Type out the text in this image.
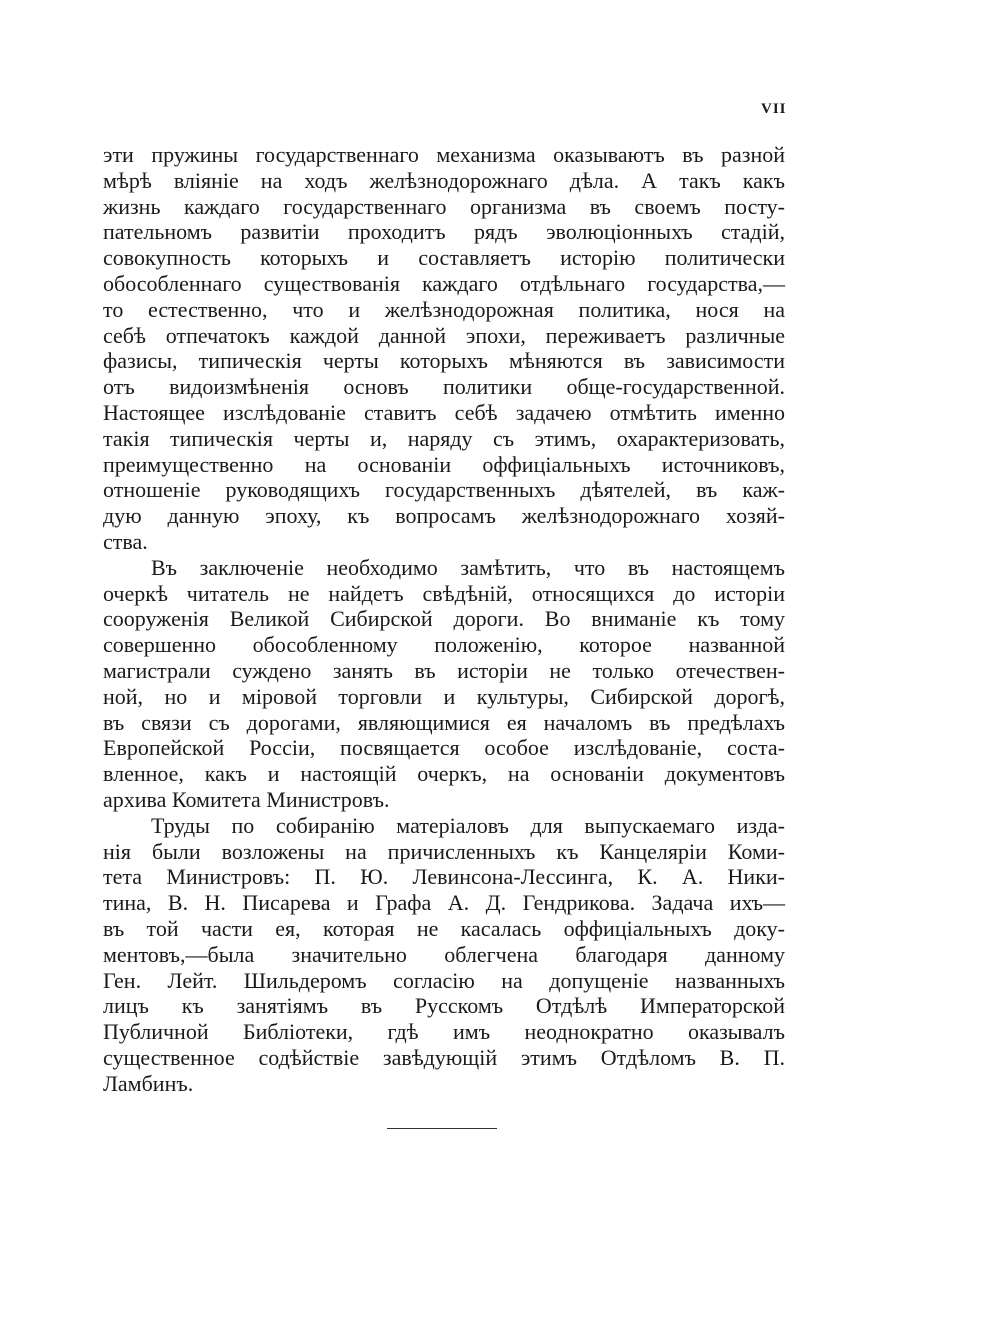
VII
эти пружины государственнаго механизма оказываютъ въ разной
мѣрѣ вліяніе на ходъ желѣзнодорожнаго дѣла. А такъ какъ
жизнь каждаго государственнаго организма въ своемъ посту-
пательномъ развитіи проходитъ рядъ эволюціонныхъ стадій,
совокупность которыхъ и составляетъ исторію политически
обособленнаго существованія каждаго отдѣльнаго государства,—
то естественно, что и желѣзнодорожная политика, нося на
себѣ отпечатокъ каждой данной эпохи, переживаетъ различные
фазисы, типическія черты которыхъ мѣняются въ зависимости
отъ видоизмѣненія основъ политики обще-государственной.
Настоящее изслѣдованіе ставитъ себѣ задачею отмѣтить именно
такія типическія черты и, наряду съ этимъ, охарактеризовать,
преимущественно на основаніи оффиціальныхъ источниковъ,
отношеніе руководящихъ государственныхъ дѣятелей, въ каж-
дую данную эпоху, къ вопросамъ желѣзнодорожнаго хозяй-
ства.
Въ заключеніе необходимо замѣтить, что въ настоящемъ
очеркѣ читатель не найдетъ свѣдѣній, относящихся до исторіи
сооруженія Великой Сибирской дороги. Во вниманіе къ тому
совершенно обособленному положенію, которое названной
магистрали суждено занять въ исторіи не только отечествен-
ной, но и міровой торговли и культуры, Сибирской дорогѣ,
въ связи съ дорогами, являющимися ея началомъ въ предѣлахъ
Европейской Россіи, посвящается особое изслѣдованіе, соста-
вленное, какъ и настоящій очеркъ, на основаніи документовъ
архива Комитета Министровъ.
Труды по собиранію матеріаловъ для выпускаемаго изда-
нія были возложены на причисленныхъ къ Канцеляріи Коми-
тета Министровъ: П. Ю. Левинсона-Лессинга, К. А. Ники-
тина, В. Н. Писарева и Графа А. Д. Гендрикова. Задача ихъ—
въ той части ея, которая не касалась оффиціальныхъ доку-
ментовъ,—была значительно облегчена благодаря данному
Ген. Лейт. Шильдеромъ согласію на допущеніе названныхъ
лицъ къ занятіямъ въ Русскомъ Отдѣлѣ Императорской
Публичной Библіотеки, гдѣ имъ неоднократно оказывалъ
существенное содѣйствіе завѣдующій этимъ Отдѣломъ В. П.
Ламбинъ.
